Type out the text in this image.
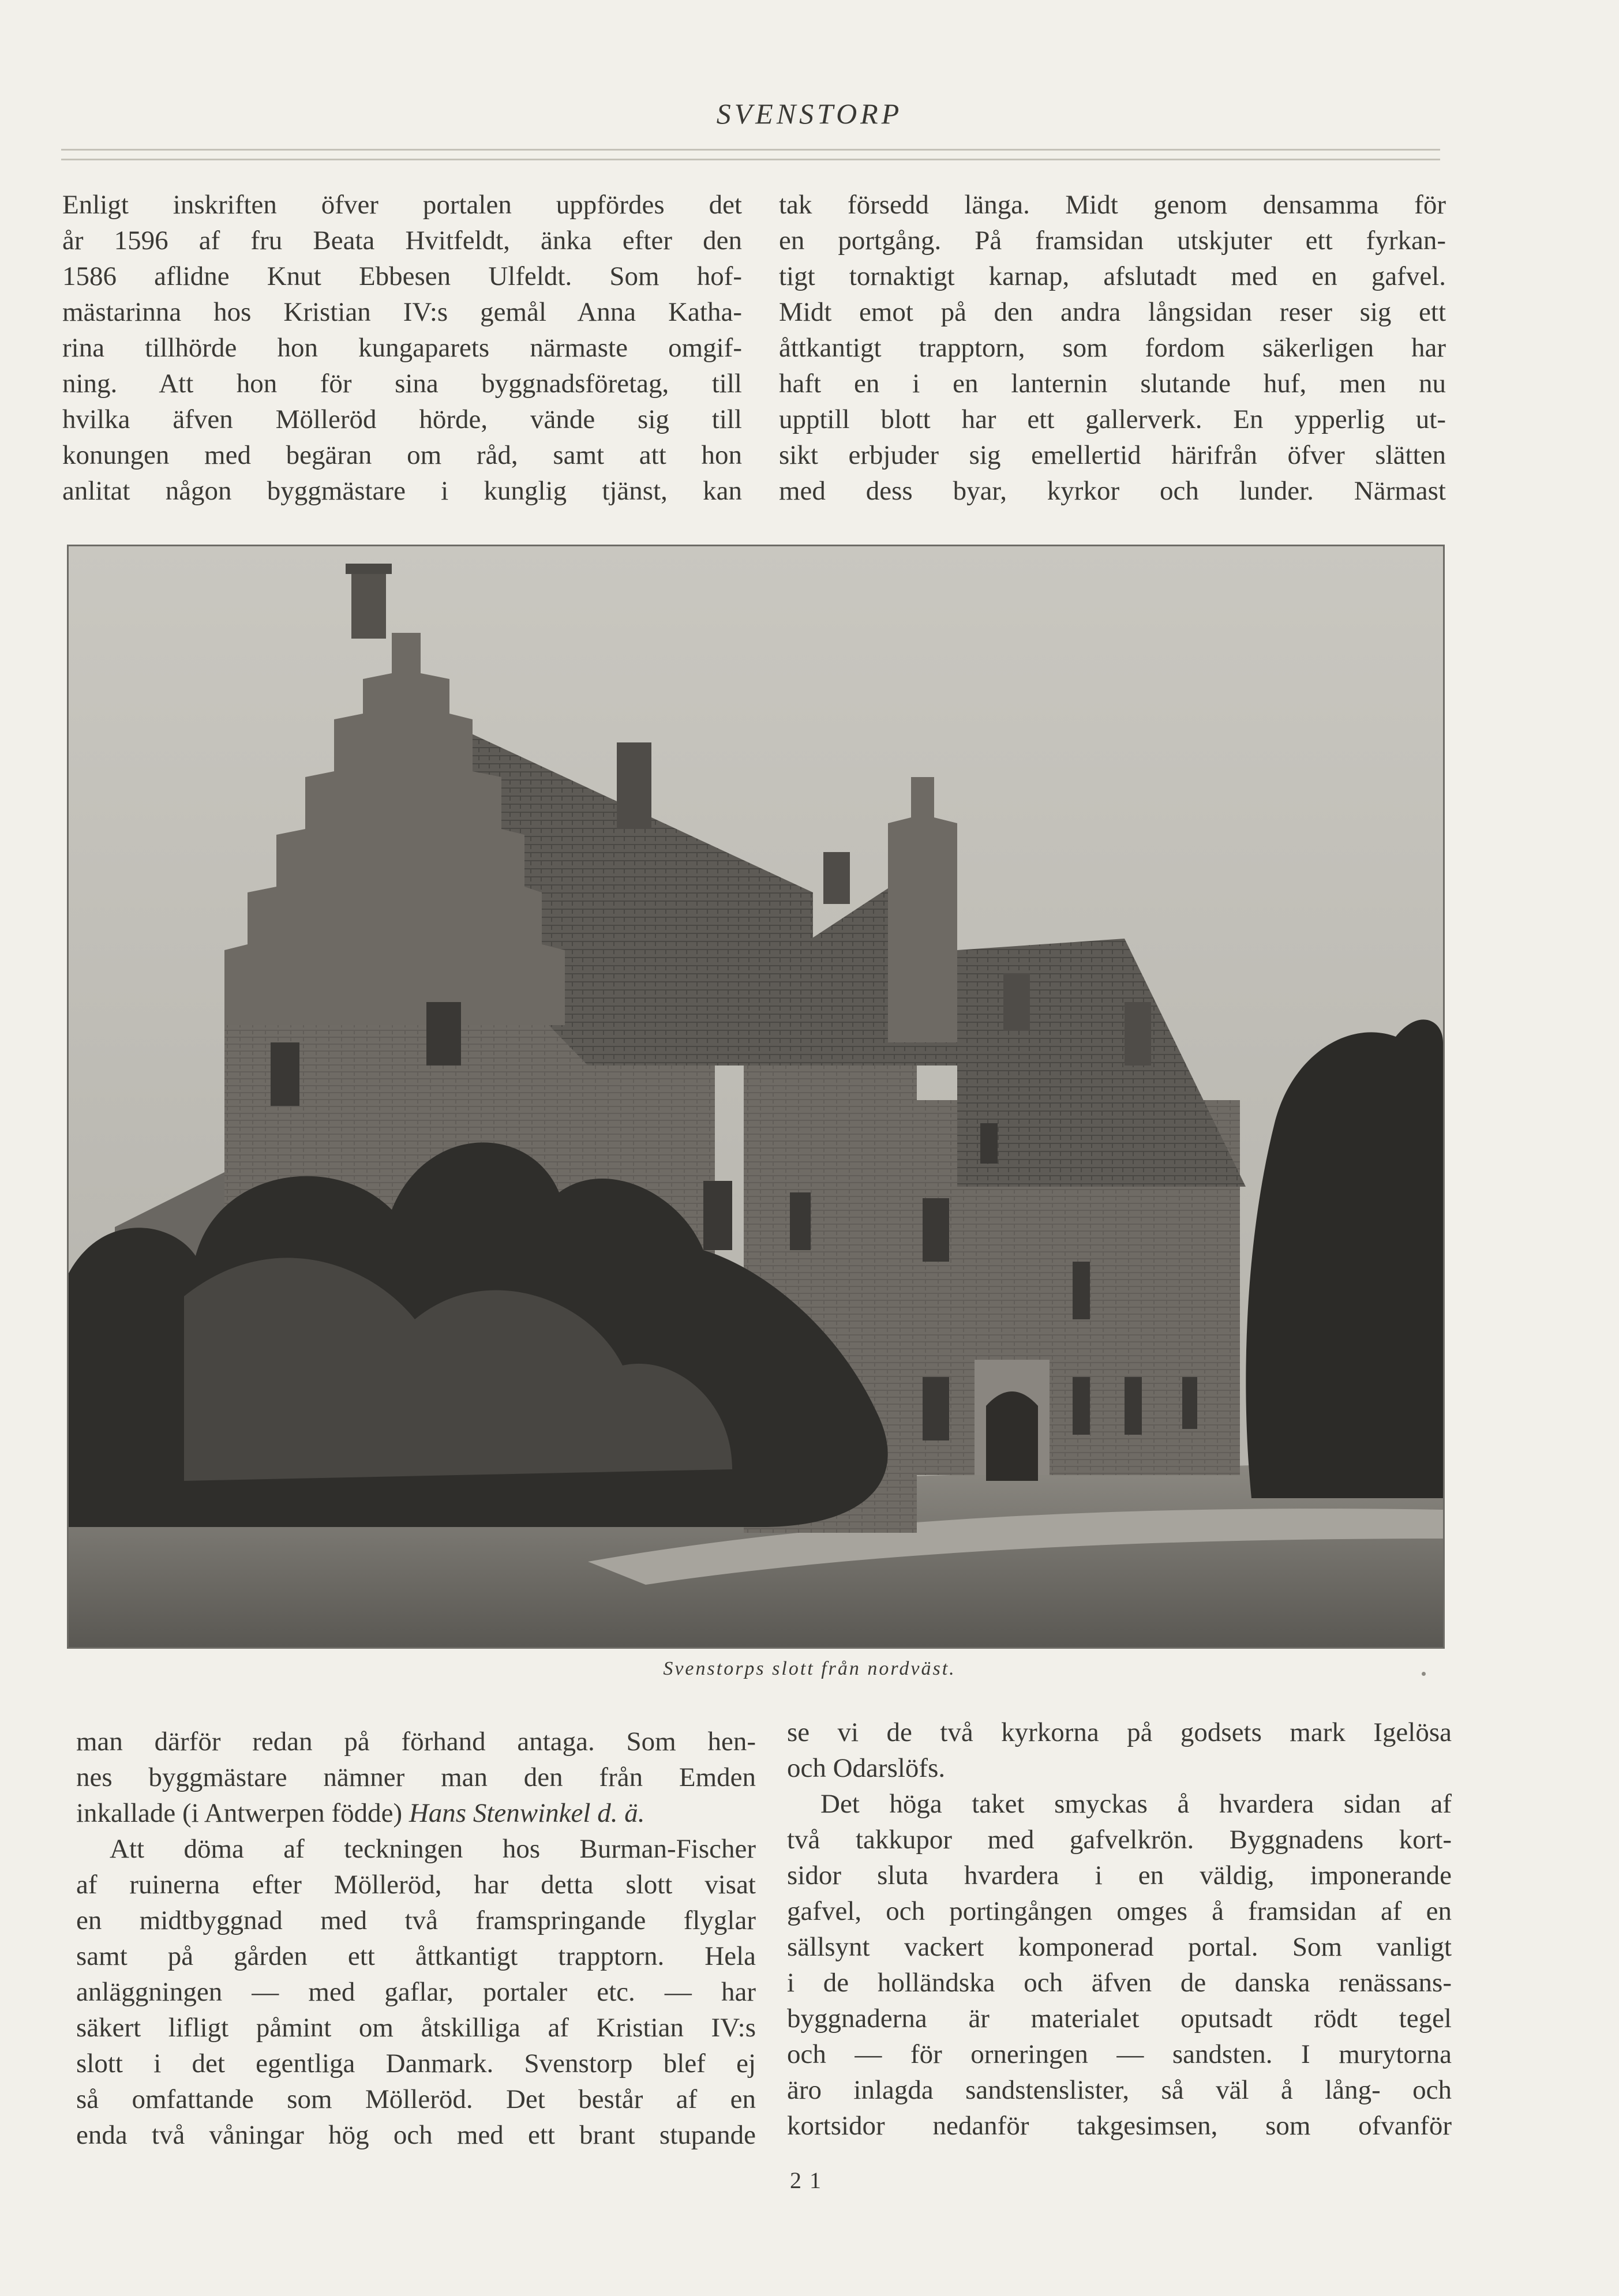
SVENSTORP

Enligt inskriften öfver portalen uppfördes det
år 1596 af fru Beata Hvitfeldt, änka efter den
1586 aflidne Knut Ebbesen Ulfeldt. Som hof-
mästarinna hos Kristian IV:s gemål Anna Katha-
rina tillhörde hon kungaparets närmaste omgif-
ning. Att hon för sina byggnadsföretag, till
hvilka äfven Mölleröd hörde, vände sig till
konungen med begäran om råd, samt att hon
anlitat någon byggmästare i kunglig tjänst, kan

tak försedd länga. Midt genom densamma för
en portgång. På framsidan utskjuter ett fyrkan-
tigt tornaktigt karnap, afslutadt med en gafvel.
Midt emot på den andra långsidan reser sig ett
åttkantigt trapptorn, som fordom säkerligen har
haft en i en lanternin slutande huf, men nu
upptill blott har ett gallerverk. En ypperlig ut-
sikt erbjuder sig emellertid härifrån öfver slätten
med dess byar, kyrkor och lunder. Närmast

Svenstorps slott från nordväst.

man därför redan på förhand antaga. Som hen-
nes byggmästare nämner man den från Emden
inkallade (i Antwerpen födde) Hans Stenwinkel d. ä.

Att döma af teckningen hos Burman-Fischer
af ruinerna efter Mölleröd, har detta slott visat
en midtbyggnad med två framspringande flyglar
samt på gården ett åttkantigt trapptorn. Hela
anläggningen — med gaflar, portaler etc. — har
säkert lifligt påmint om åtskilliga af Kristian IV:s
slott i det egentliga Danmark. Svenstorp blef ej
så omfattande som Mölleröd. Det består af en
enda två våningar hög och med ett brant stupande

se vi de två kyrkorna på godsets mark Igelösa
och Odarslöfs.

Det höga taket smyckas å hvardera sidan af
två takkupor med gafvelkrön. Byggnadens kort-
sidor sluta hvardera i en väldig, imponerande
gafvel, och portingången omges å framsidan af en
sällsynt vackert komponerad portal. Som vanligt
i de holländska och äfven de danska renässans-
byggnaderna är materialet oputsadt rödt tegel
och — för orneringen — sandsten. I murytorna
äro inlagda sandstenslister, så väl å lång- och
kortsidor nedanför takgesimsen, som ofvanför

21
